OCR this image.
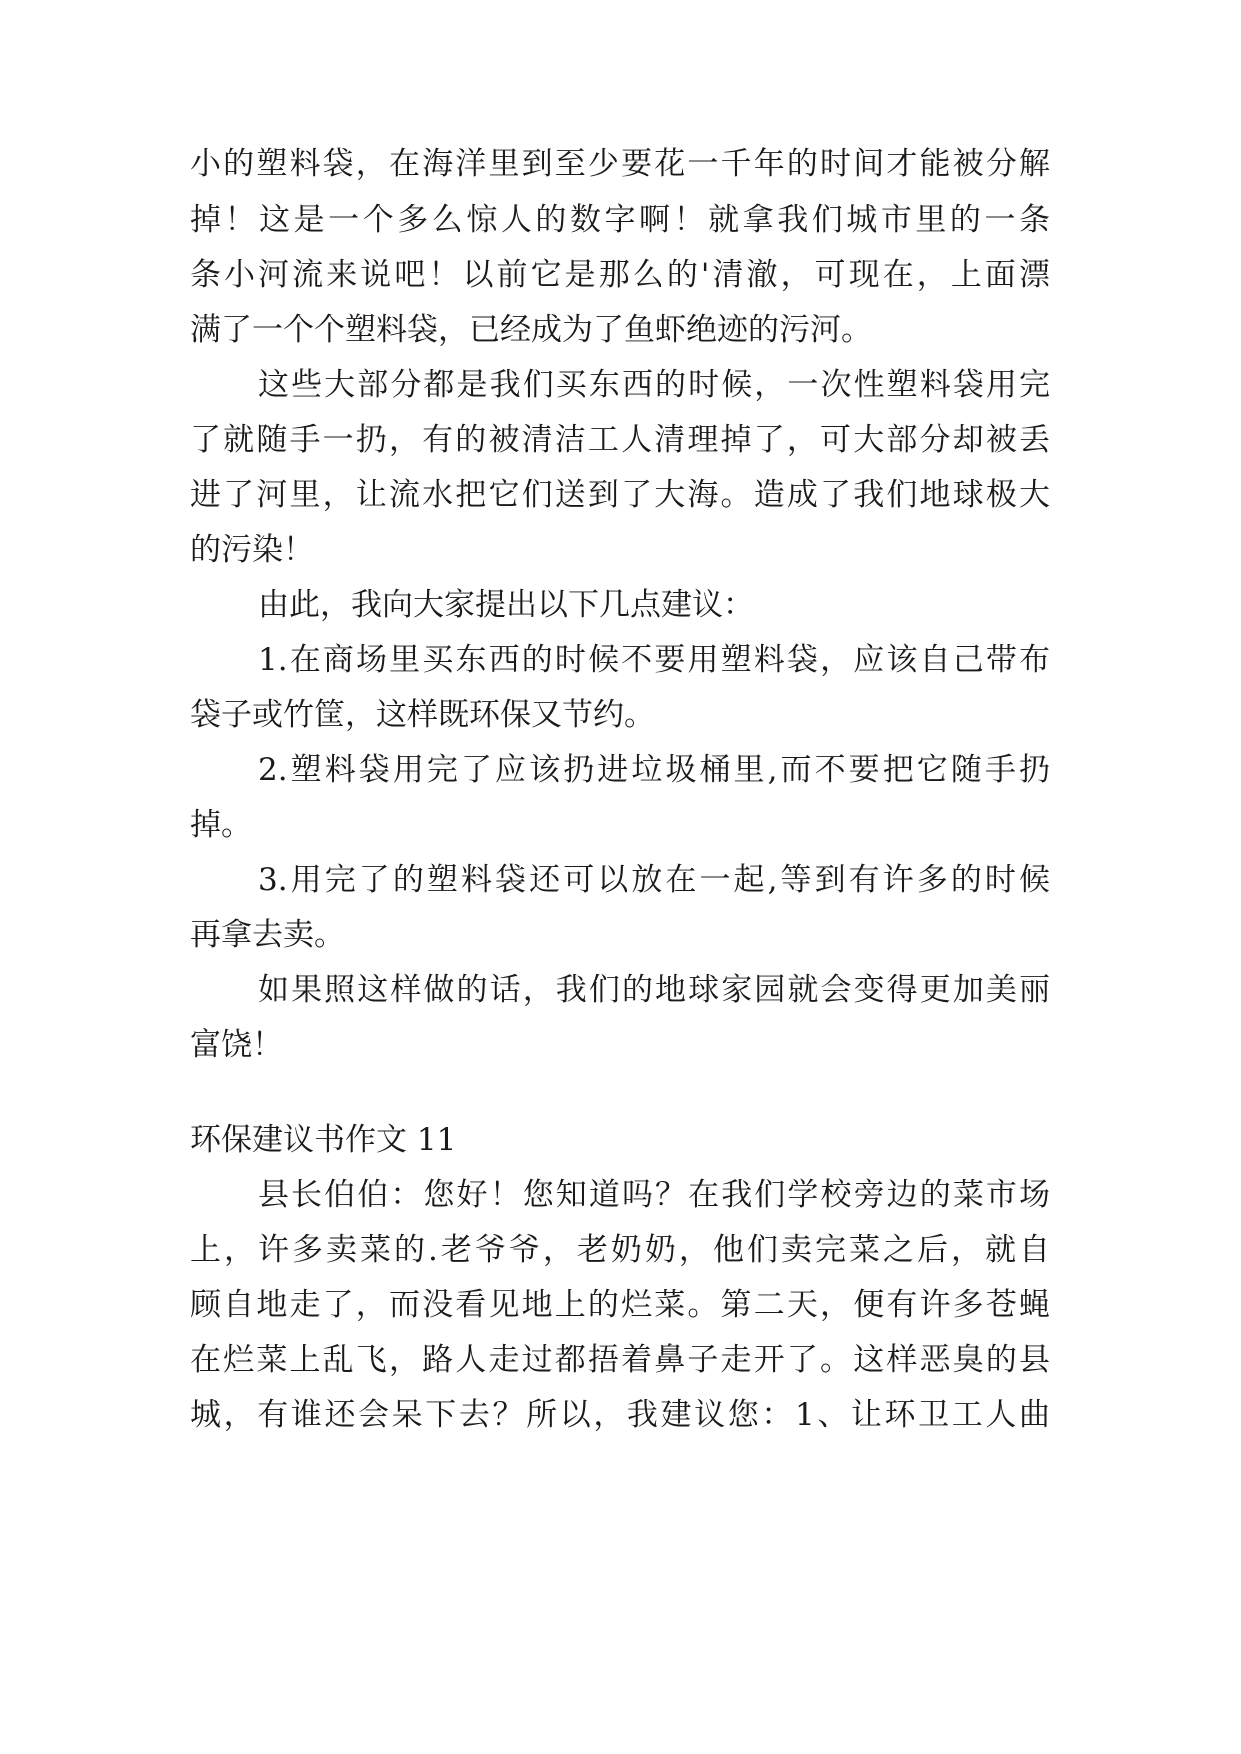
小的塑料袋，在海洋里到至少要花一千年的时间才能被分解
掉！这是一个多么惊人的数字啊！就拿我们城市里的一条
条小河流来说吧！以前它是那么的'清澈，可现在，上面漂
满了一个个塑料袋，已经成为了鱼虾绝迹的污河。
这些大部分都是我们买东西的时候，一次性塑料袋用完
了就随手一扔，有的被清洁工人清理掉了，可大部分却被丢
进了河里，让流水把它们送到了大海。造成了我们地球极大
的污染！
由此，我向大家提出以下几点建议：
1.在商场里买东西的时候不要用塑料袋，应该自己带布
袋子或竹筐，这样既环保又节约。
2.塑料袋用完了应该扔进垃圾桶里,而不要把它随手扔
掉。
3.用完了的塑料袋还可以放在一起,等到有许多的时候
再拿去卖。
如果照这样做的话，我们的地球家园就会变得更加美丽
富饶！
环保建议书作文 11
县长伯伯：您好！您知道吗？在我们学校旁边的菜市场
上，许多卖菜的.老爷爷，老奶奶，他们卖完菜之后，就自
顾自地走了，而没看见地上的烂菜。第二天，便有许多苍蝇
在烂菜上乱飞，路人走过都捂着鼻子走开了。这样恶臭的县
城，有谁还会呆下去？所以，我建议您：1、让环卫工人曲
